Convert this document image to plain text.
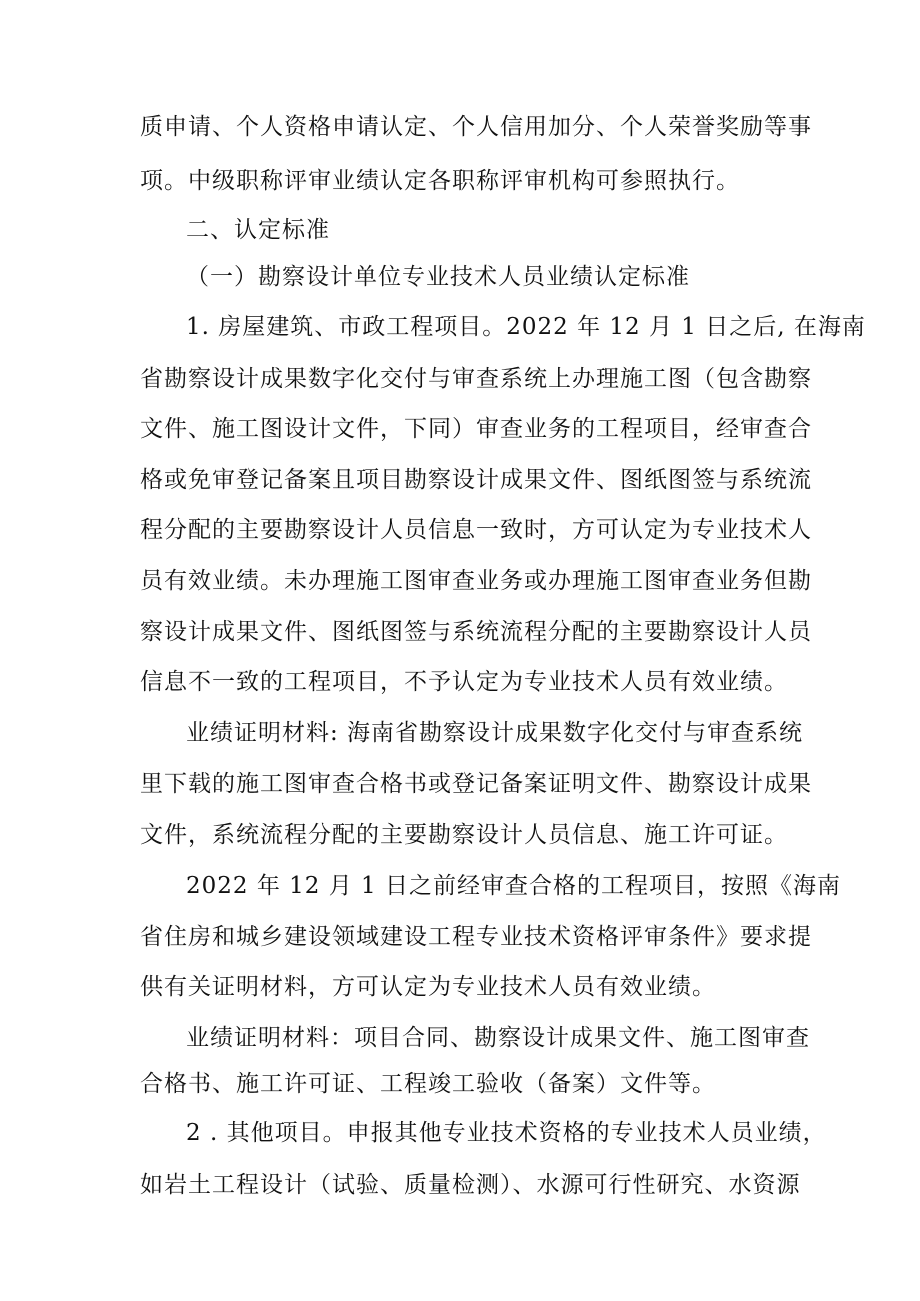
质申请、个人资格申请认定、个人信用加分、个人荣誉奖励等事
项。中级职称评审业绩认定各职称评审机构可参照执行。
二、认定标准
（一）勘察设计单位专业技术人员业绩认定标准
1. 房屋建筑、市政工程项目。2022 年 12 月 1 日之后, 在海南
省勘察设计成果数字化交付与审查系统上办理施工图（包含勘察
文件、施工图设计文件，下同）审查业务的工程项目，经审查合
格或免审登记备案且项目勘察设计成果文件、图纸图签与系统流
程分配的主要勘察设计人员信息一致时，方可认定为专业技术人
员有效业绩。未办理施工图审查业务或办理施工图审查业务但勘
察设计成果文件、图纸图签与系统流程分配的主要勘察设计人员
信息不一致的工程项目，不予认定为专业技术人员有效业绩。
业绩证明材料: 海南省勘察设计成果数字化交付与审查系统
里下载的施工图审查合格书或登记备案证明文件、勘察设计成果
文件，系统流程分配的主要勘察设计人员信息、施工许可证。
2022 年 12 月 1 日之前经审查合格的工程项目，按照《海南
省住房和城乡建设领域建设工程专业技术资格评审条件》要求提
供有关证明材料，方可认定为专业技术人员有效业绩。
业绩证明材料：项目合同、勘察设计成果文件、施工图审查
合格书、施工许可证、工程竣工验收（备案）文件等。
2 . 其他项目。申报其他专业技术资格的专业技术人员业绩，
如岩土工程设计（试验、质量检测）、水源可行性研究、水资源
